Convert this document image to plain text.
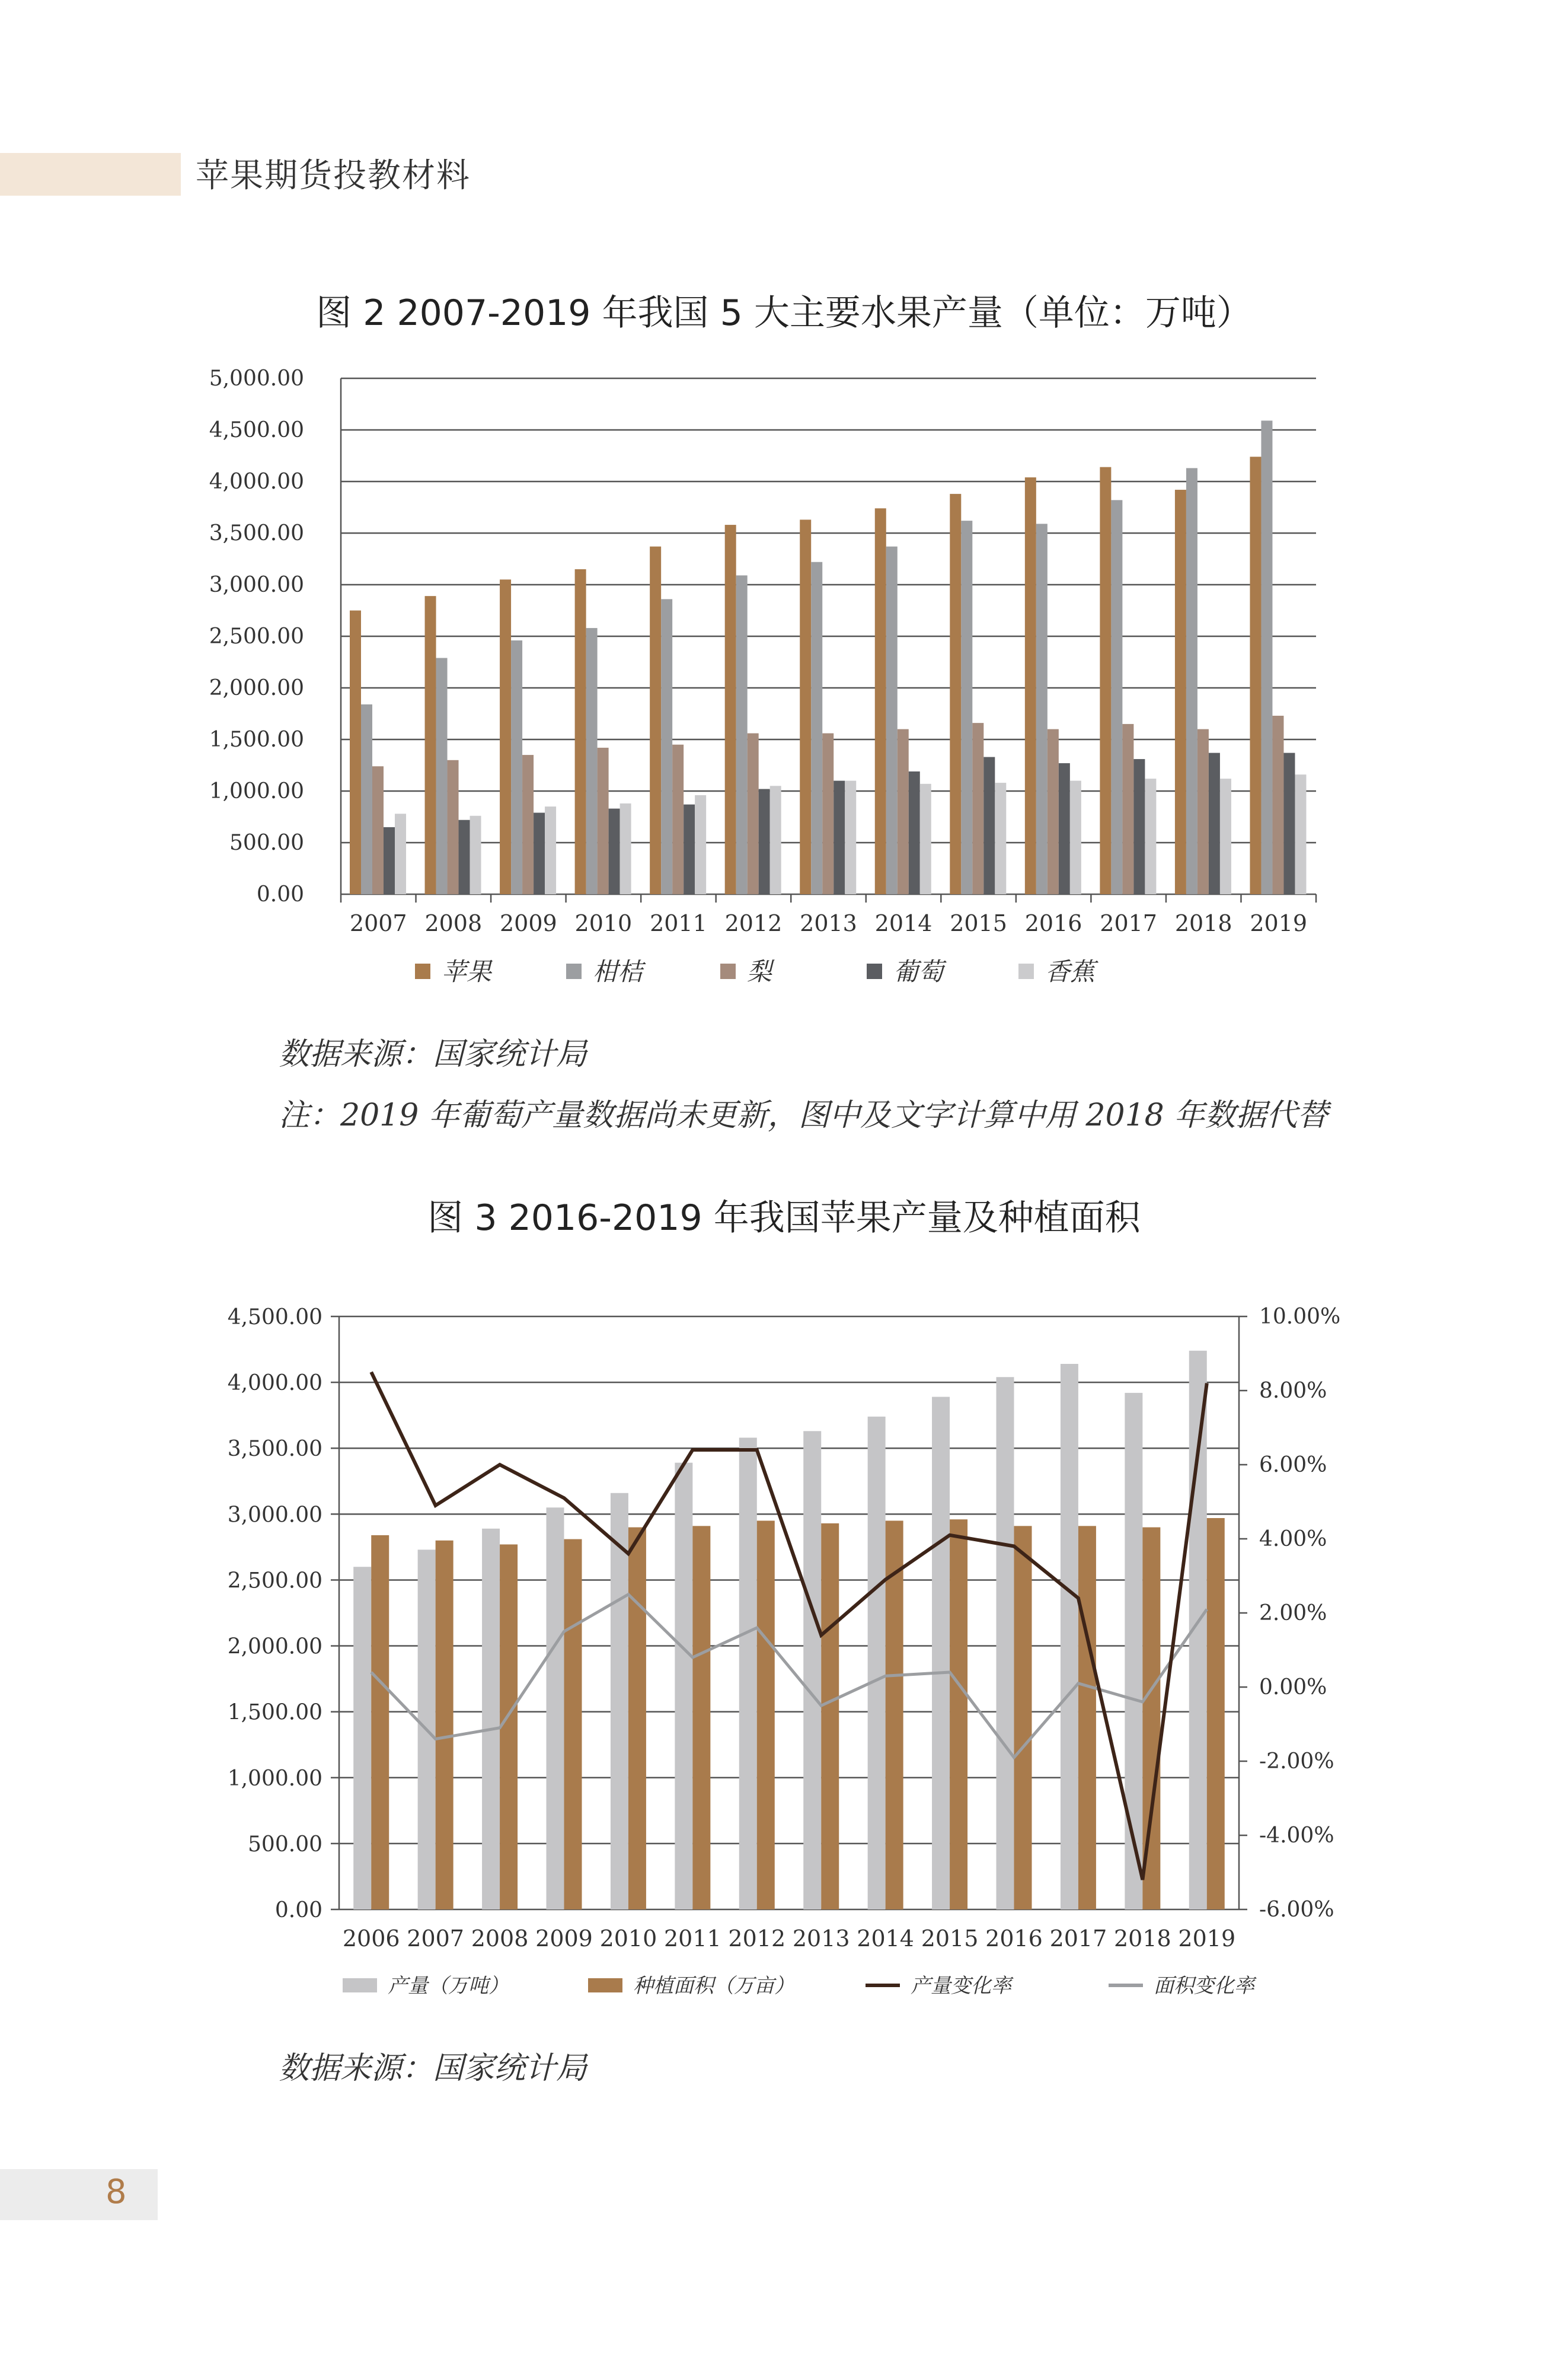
苹果期货投教材料
图 2 2007-2019 年我国 5 大主要水果产量（单位：万吨）
0.00
500.00
1,000.00
1,500.00
2,000.00
2,500.00
3,000.00
3,500.00
4,000.00
4,500.00
5,000.00
2007 2008 2009 2010 2011 2012 2013 2014 2015 2016 2017 2018 2019
苹果	柑桔	梨	葡萄	香蕉
数据来源：国家统计局
注：2019 年葡萄产量数据尚未更新，图中及文字计算中用 2018 年数据代替
图 3 2016-2019 年我国苹果产量及种植面积
0.00
500.00
1,000.00
1,500.00
2,000.00
2,500.00
3,000.00
3,500.00
4,000.00
4,500.00
-6.00%
-4.00%
-2.00%
0.00%
2.00%
4.00%
6.00%
8.00%
10.00%
2006 2007 2008 2009 2010 2011 2012 2013 2014 2015 2016 2017 2018 2019
产量（万吨）	种植面积（万亩）	产量变化率	面积变化率
数据来源：国家统计局
8
